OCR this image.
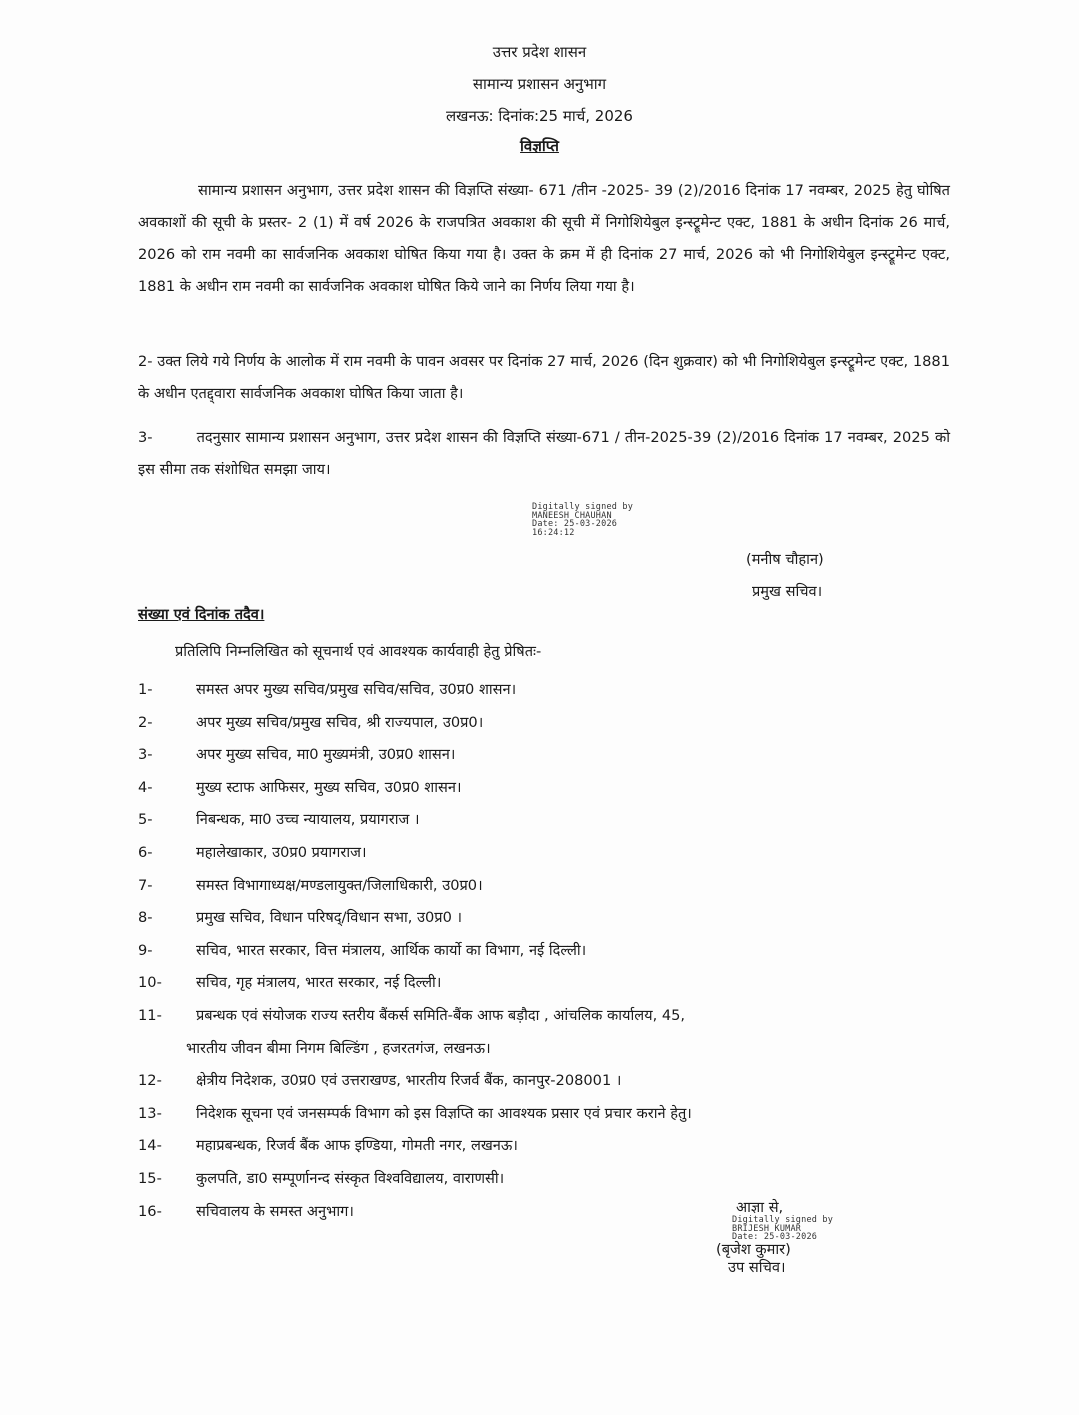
उत्तर प्रदेश शासन
सामान्य प्रशासन अनुभाग
लखनऊ: दिनांक:25 मार्च, 2026
विज्ञप्ति
सामान्य प्रशासन अनुभाग, उत्तर प्रदेश शासन की विज्ञप्ति संख्या- 671 /तीन -2025- 39 (2)/2016 दिनांक 17 नवम्बर, 2025 हेतु घोषित अवकाशों की सूची के प्रस्तर- 2 (1) में वर्ष 2026 के राजपत्रित अवकाश की सूची में निगोशियेबुल इन्स्ट्रूमेन्ट एक्ट, 1881 के अधीन दिनांक 26 मार्च, 2026 को राम नवमी का सार्वजनिक अवकाश घोषित किया गया है। उक्त के क्रम में ही दिनांक 27 मार्च, 2026 को भी निगोशियेबुल इन्स्ट्रूमेन्ट एक्ट, 1881 के अधीन राम नवमी का सार्वजनिक अवकाश घोषित किये जाने का निर्णय लिया गया है।
2- उक्त लिये गये निर्णय के आलोक में राम नवमी के पावन अवसर पर दिनांक 27 मार्च, 2026 (दिन शुक्रवार) को भी निगोशियेबुल इन्स्ट्रूमेन्ट एक्ट, 1881 के अधीन एतद्द्वारा सार्वजनिक अवकाश घोषित किया जाता है।
3-	तदनुसार सामान्य प्रशासन अनुभाग, उत्तर प्रदेश शासन की विज्ञप्ति संख्या-671 / तीन-2025-39 (2)/2016 दिनांक 17 नवम्बर, 2025 को इस सीमा तक संशोधित समझा जाय।
Digitally signed by
MANEESH CHAUHAN
Date: 25-03-2026
16:24:12
(मनीष चौहान)
प्रमुख सचिव।
संख्या एवं दिनांक तदैव।
प्रतिलिपि निम्नलिखित को सूचनार्थ एवं आवश्यक कार्यवाही हेतु प्रेषितः-
1-	समस्त अपर मुख्य सचिव/प्रमुख सचिव/सचिव, उ0प्र0 शासन।
2-	अपर मुख्य सचिव/प्रमुख सचिव, श्री राज्यपाल, उ0प्र0।
3-	अपर मुख्य सचिव, मा0 मुख्यमंत्री, उ0प्र0 शासन।
4-	मुख्य स्टाफ आफिसर, मुख्य सचिव, उ0प्र0 शासन।
5-	निबन्धक, मा0 उच्च न्यायालय, प्रयागराज ।
6-	महालेखाकार, उ0प्र0 प्रयागराज।
7-	समस्त विभागाध्यक्ष/मण्डलायुक्त/जिलाधिकारी, उ0प्र0।
8-	प्रमुख सचिव, विधान परिषद्/विधान सभा, उ0प्र0 ।
9-	सचिव, भारत सरकार, वित्त मंत्रालय, आर्थिक कार्यो का विभाग, नई दिल्ली।
10-	सचिव, गृह मंत्रालय, भारत सरकार, नई दिल्ली।
11-	प्रबन्धक एवं संयोजक राज्य स्तरीय बैंकर्स समिति-बैंक आफ बड़ौदा , आंचलिक कार्यालय, 45,
भारतीय जीवन बीमा निगम बिल्डिंग , हजरतगंज, लखनऊ।
12-	क्षेत्रीय निदेशक, उ0प्र0 एवं उत्तराखण्ड, भारतीय रिजर्व बैंक, कानपुर-208001 ।
13-	निदेशक सूचना एवं जनसम्पर्क विभाग को इस विज्ञप्ति का आवश्यक प्रसार एवं प्रचार कराने हेतु।
14-	महाप्रबन्धक, रिजर्व बैंक आफ इण्डिया, गोमती नगर, लखनऊ।
15-	कुलपति, डा0 सम्पूर्णानन्द संस्कृत विश्वविद्यालय, वाराणसी।
16-	सचिवालय के समस्त अनुभाग।	आज्ञा से,
Digitally signed by
BRIJESH KUMAR
Date: 25-03-2026
(बृजेश कुमार)
उप सचिव।
